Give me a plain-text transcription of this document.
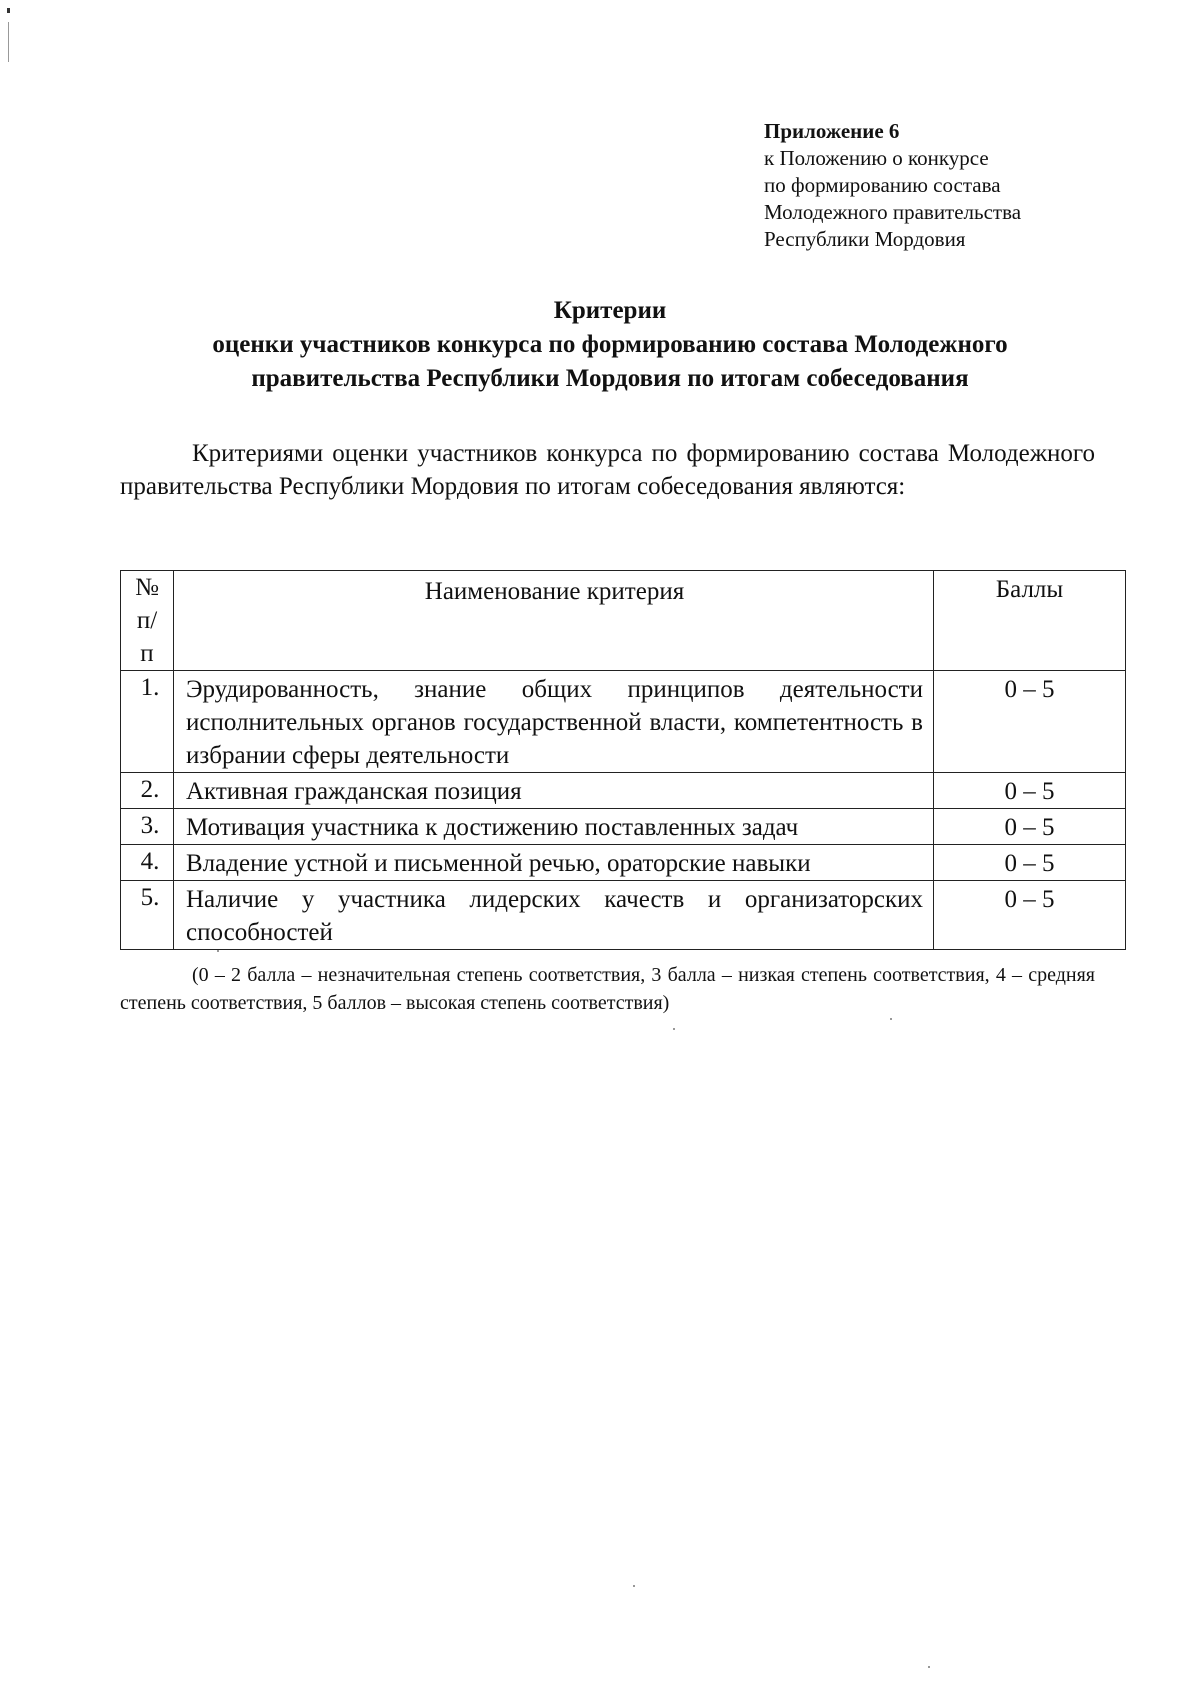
Приложение 6
к Положению о конкурсе
по формированию состава
Молодежного правительства
Республики Мордовия
Критерии
оценки участников конкурса по формированию состава Молодежного
правительства Республики Мордовия по итогам собеседования
Критериями оценки участников конкурса по формированию состава Молодежного правительства Республики Мордовия по итогам собеседования являются:
№
п/
п	Наименование критерия	Баллы

1.	Эрудированность, знание общих принципов деятельности исполнительных органов государственной власти, компетентность в избрании сферы деятельности	0 – 5

2.	Активная гражданская позиция	0 – 5

3.	Мотивация участника к достижению поставленных задач	0 – 5

4.	Владение устной и письменной речью, ораторские навыки	0 – 5

5.	Наличие у участника лидерских качеств и организаторских способностей	0 – 5
(0 – 2 балла – незначительная степень соответствия, 3 балла – низкая степень соответствия, 4 – средняя степень соответствия, 5 баллов – высокая степень соответствия)
